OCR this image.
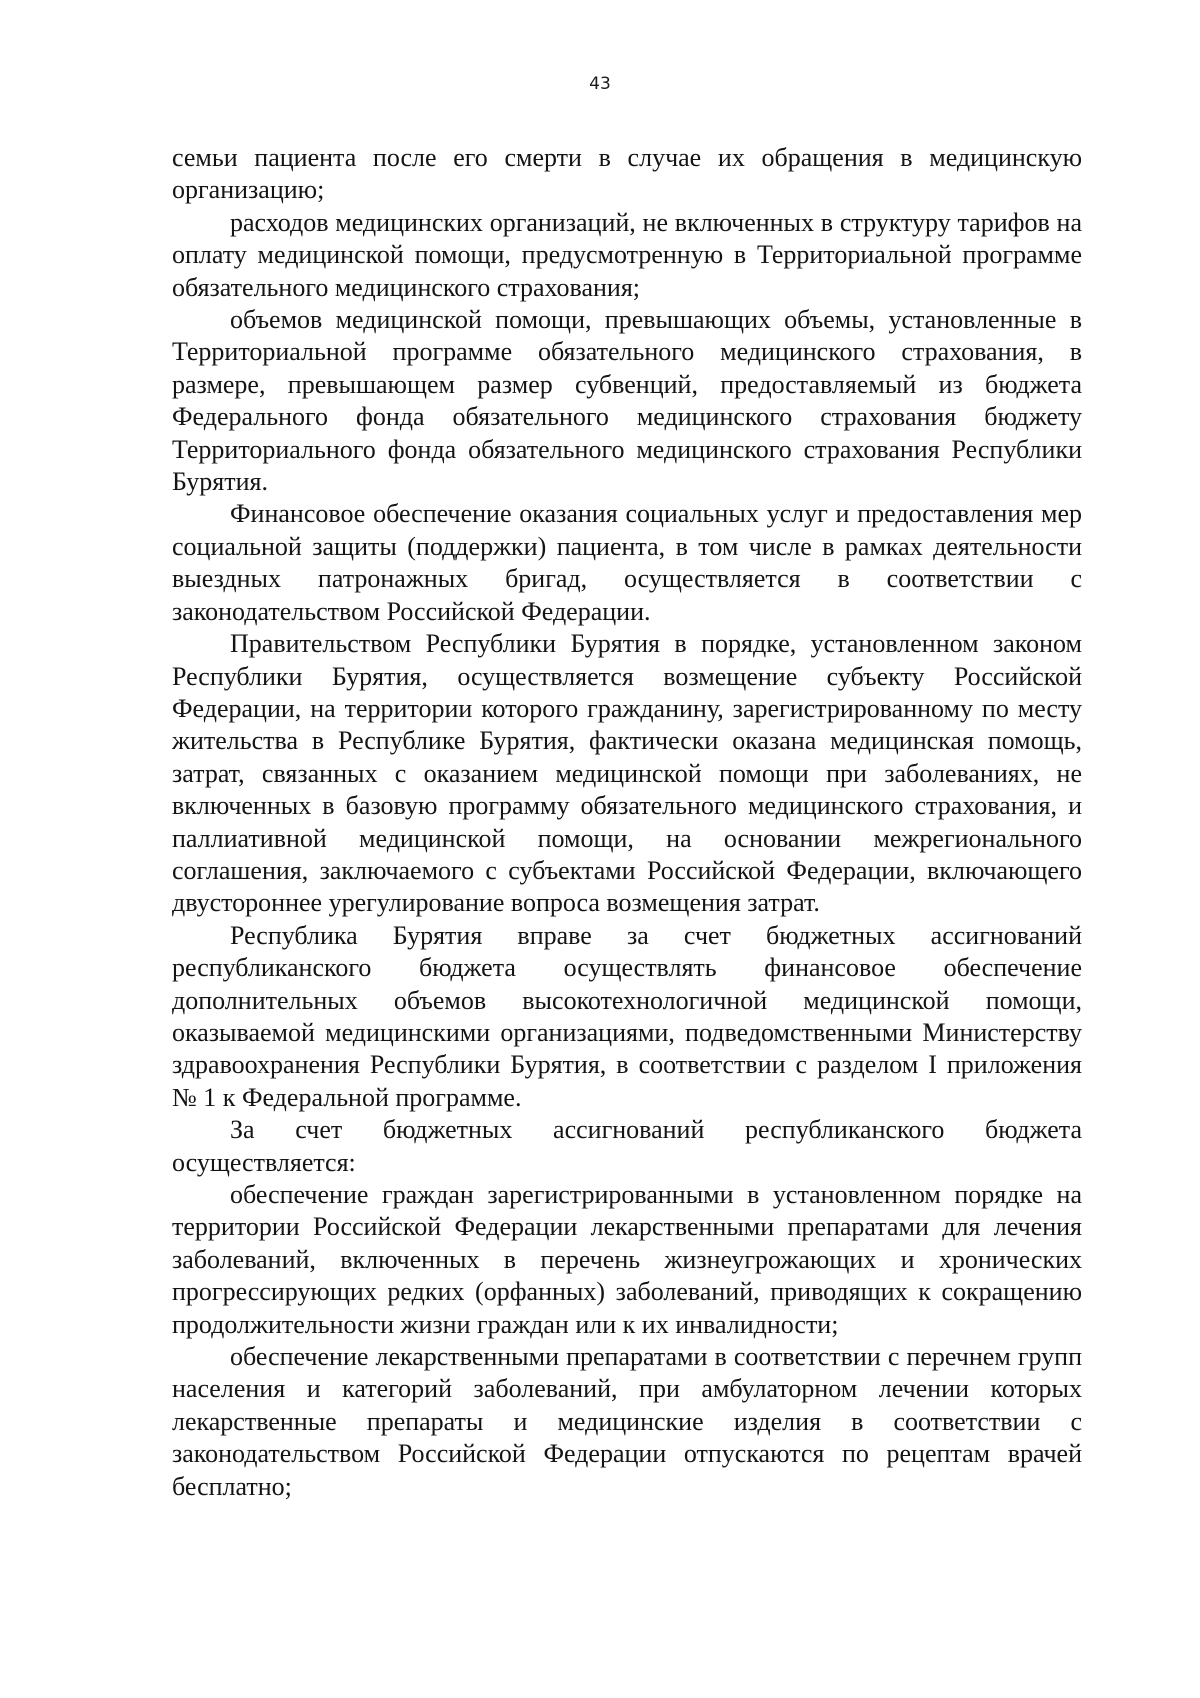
43

семьи пациента после его смерти в случае их обращения в медицинскую организацию;

расходов медицинских организаций, не включенных в структуру тарифов на оплату медицинской помощи, предусмотренную в Территориальной программе обязательного медицинского страхования;

объемов медицинской помощи, превышающих объемы, установленные в Территориальной программе обязательного медицинского страхования, в размере, превышающем размер субвенций, предоставляемый из бюджета Федерального фонда обязательного медицинского страхования бюджету Территориального фонда обязательного медицинского страхования Республики Бурятия.

Финансовое обеспечение оказания социальных услуг и предоставления мер социальной защиты (поддержки) пациента, в том числе в рамках деятельности выездных патронажных бригад, осуществляется в соответствии с законодательством Российской Федерации.

Правительством Республики Бурятия в порядке, установленном законом Республики Бурятия, осуществляется возмещение субъекту Российской Федерации, на территории которого гражданину, зарегистрированному по месту жительства в Республике Бурятия, фактически оказана медицинская помощь, затрат, связанных с оказанием медицинской помощи при заболеваниях, не включенных в базовую программу обязательного медицинского страхования, и паллиативной медицинской помощи, на основании межрегионального соглашения, заключаемого с субъектами Российской Федерации, включающего двустороннее урегулирование вопроса возмещения затрат.

Республика Бурятия вправе за счет бюджетных ассигнований республиканского бюджета осуществлять финансовое обеспечение дополнительных объемов высокотехнологичной медицинской помощи, оказываемой медицинскими организациями, подведомственными Министерству здравоохранения Республики Бурятия, в соответствии с разделом I приложения № 1 к Федеральной программе.

За счет бюджетных ассигнований республиканского бюджета осуществляется:

обеспечение граждан зарегистрированными в установленном порядке на территории Российской Федерации лекарственными препаратами для лечения заболеваний, включенных в перечень жизнеугрожающих и хронических прогрессирующих редких (орфанных) заболеваний, приводящих к сокращению продолжительности жизни граждан или к их инвалидности;

обеспечение лекарственными препаратами в соответствии с перечнем групп населения и категорий заболеваний, при амбулаторном лечении которых лекарственные препараты и медицинские изделия в соответствии с законодательством Российской Федерации отпускаются по рецептам врачей бесплатно;
